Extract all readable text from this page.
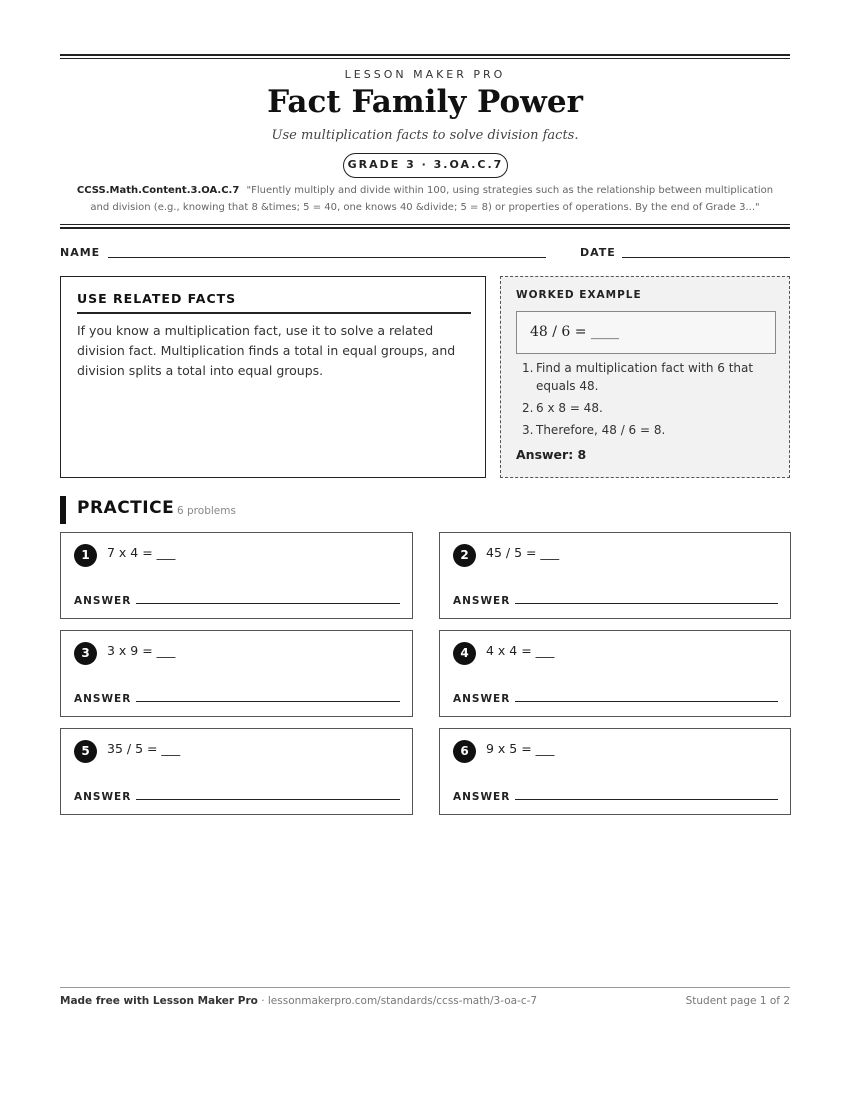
LESSON MAKER PRO
Fact Family Power
Use multiplication facts to solve division facts.
GRADE 3 · 3.OA.C.7
CCSS.Math.Content.3.OA.C.7 "Fluently multiply and divide within 100, using strategies such as the relationship between multiplication and division (e.g., knowing that 8 &times; 5 = 40, one knows 40 &divide; 5 = 8) or properties of operations. By the end of Grade 3..."
NAME	DATE
USE RELATED FACTS
If you know a multiplication fact, use it to solve a related division fact. Multiplication finds a total in equal groups, and division splits a total into equal groups.
WORKED EXAMPLE
48 / 6 = ____
1. Find a multiplication fact with 6 that equals 48.
2. 6 x 8 = 48.
3. Therefore, 48 / 6 = 8.
Answer: 8
PRACTICE 6 problems
1	7 x 4 = ___
ANSWER
2	45 / 5 = ___
ANSWER
3	3 x 9 = ___
ANSWER
4	4 x 4 = ___
ANSWER
5	35 / 5 = ___
ANSWER
6	9 x 5 = ___
ANSWER
Made free with Lesson Maker Pro · lessonmakerpro.com/standards/ccss-math/3-oa-c-7	Student page 1 of 2
